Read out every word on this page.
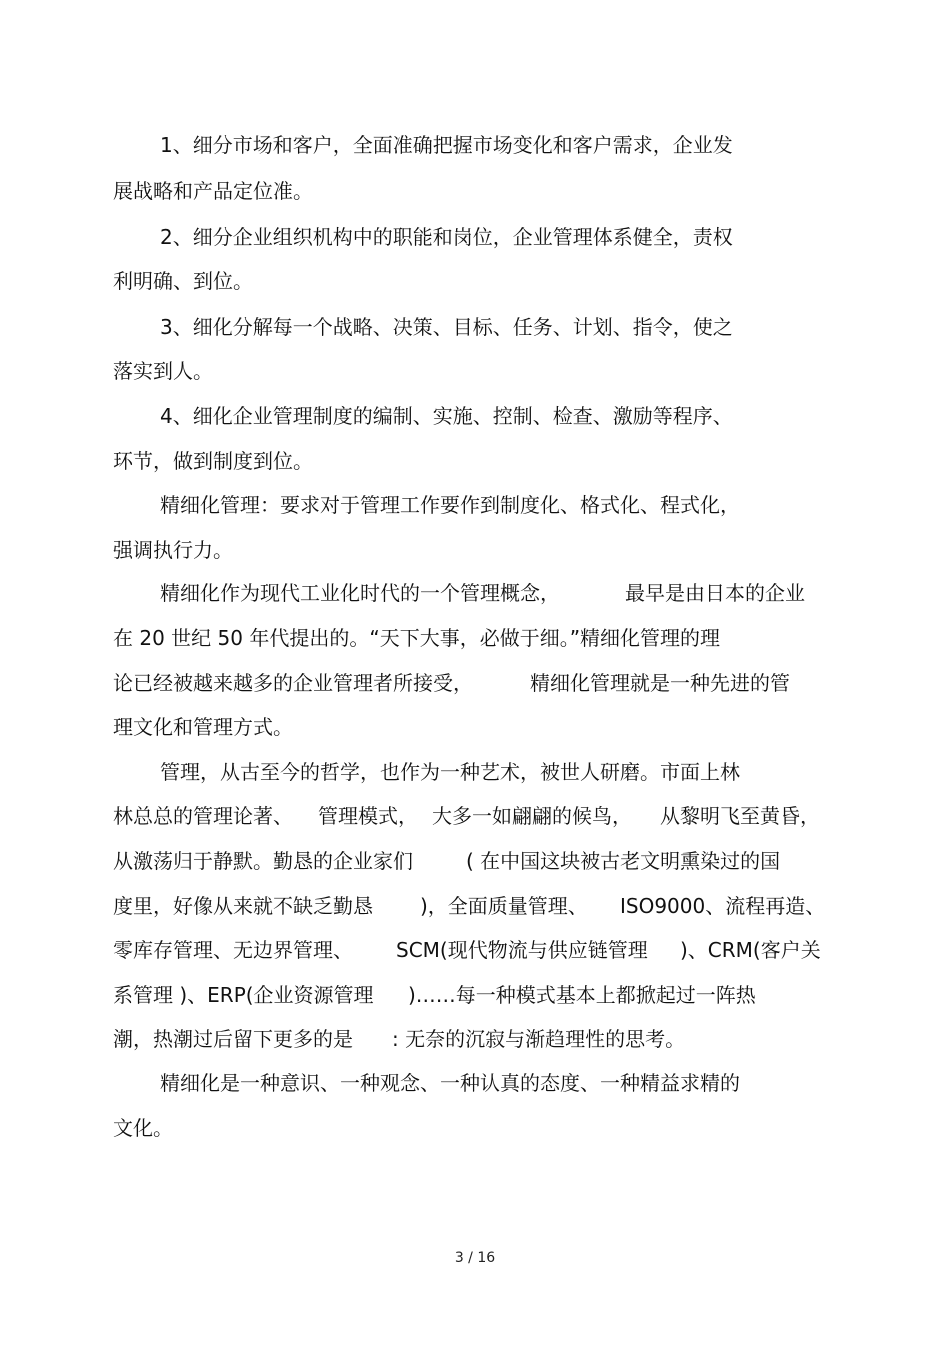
1、细分市场和客户，全面准确把握市场变化和客户需求，企业发
展战略和产品定位准。
2、细分企业组织机构中的职能和岗位，企业管理体系健全，责权
利明确、到位。
3、细化分解每一个战略、决策、目标、任务、计划、指令，使之
落实到人。
4、细化企业管理制度的编制、实施、控制、检查、激励等程序、
环节，做到制度到位。
精细化管理：要求对于管理工作要作到制度化、格式化、程式化，
强调执行力。
精细化作为现代工业化时代的一个管理概念，	最早是由日本的企业
在 20 世纪 50 年代提出的。“天下大事，必做于细。”精细化管理的理
论已经被越来越多的企业管理者所接受，	精细化管理就是一种先进的管
理文化和管理方式。
管理，从古至今的哲学，也作为一种艺术，被世人研磨。市面上林
林总总的管理论著、 管理模式， 大多一如翩翩的候鸟， 从黎明飞至黄昏，
从激荡归于静默。勤恳的企业家们	( 在中国这块被古老文明熏染过的国
度里，好像从来就不缺乏勤恳 )，全面质量管理、 ISO9000、流程再造、
零库存管理、无边界管理、 SCM(现代物流与供应链管理 )、CRM(客户关
系管理 )、ERP(企业资源管理 )……每一种模式基本上都掀起过一阵热
潮，热潮过后留下更多的是 : 无奈的沉寂与渐趋理性的思考。
精细化是一种意识、一种观念、一种认真的态度、一种精益求精的
文化。
3 / 16
